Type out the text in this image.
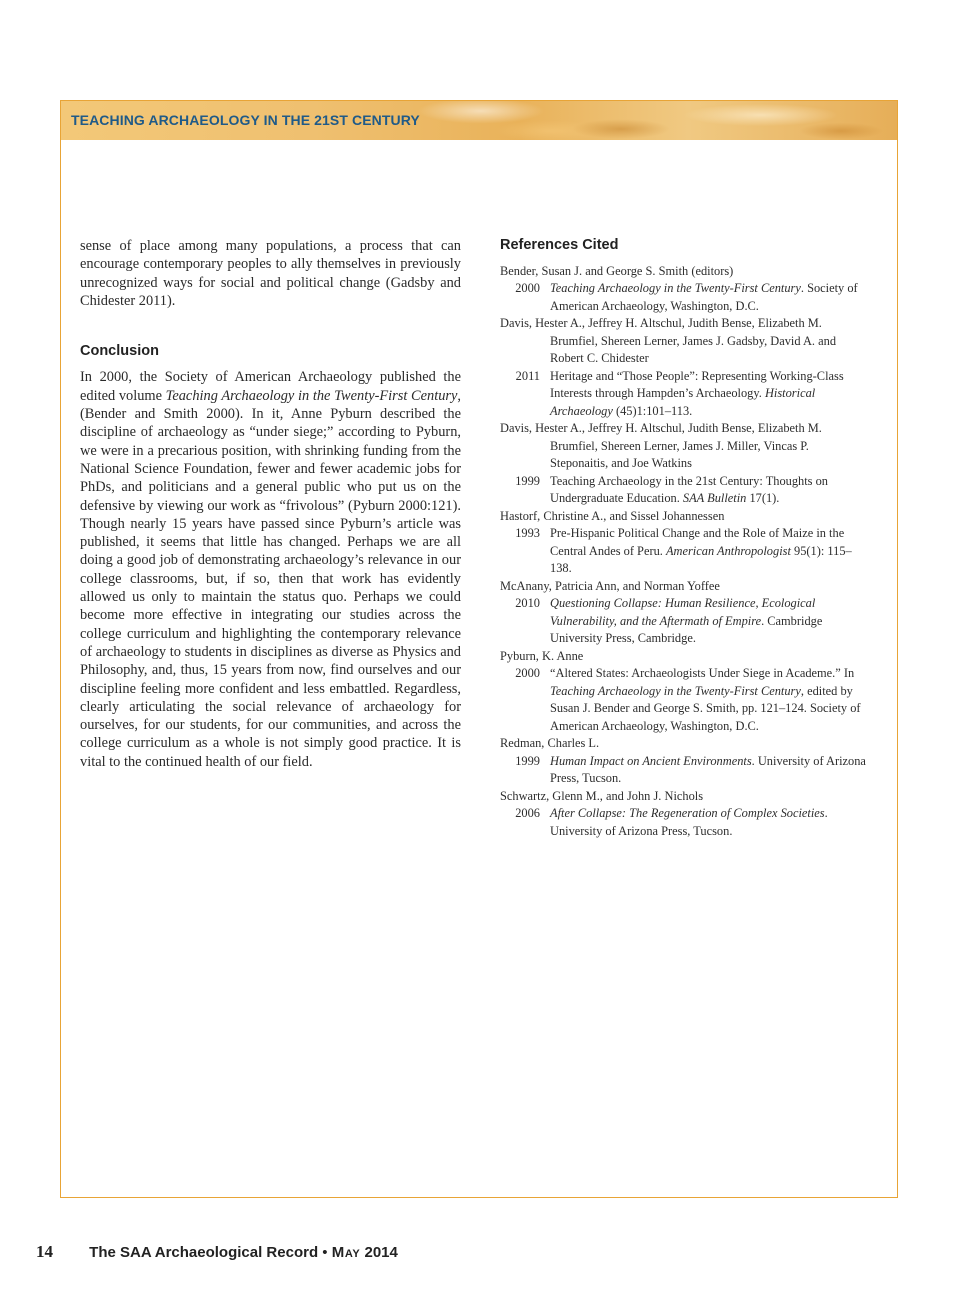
TEACHING ARCHAEOLOGY IN THE 21ST CENTURY

sense of place among many populations, a process that can encourage contemporary peoples to ally themselves in previously unrecognized ways for social and political change (Gadsby and Chidester 2011).

Conclusion

In 2000, the Society of American Archaeology published the edited volume Teaching Archaeology in the Twenty-First Century, (Bender and Smith 2000). In it, Anne Pyburn described the discipline of archaeology as “under siege;” according to Pyburn, we were in a precarious position, with shrinking funding from the National Science Foundation, fewer and fewer academic jobs for PhDs, and politicians and a general public who put us on the defensive by viewing our work as “frivolous” (Pyburn 2000:121). Though nearly 15 years have passed since Pyburn’s article was published, it seems that little has changed. Perhaps we are all doing a good job of demonstrating archaeology’s relevance in our college classrooms, but, if so, then that work has evidently allowed us only to maintain the status quo. Perhaps we could become more effective in integrating our studies across the college curriculum and highlighting the contemporary relevance of archaeology to students in disciplines as diverse as Physics and Philosophy, and, thus, 15 years from now, find ourselves and our discipline feeling more confident and less embattled. Regardless, clearly articulating the social relevance of archaeology for ourselves, for our students, for our communities, and across the college curriculum as a whole is not simply good practice. It is vital to the continued health of our field.

References Cited
Bender, Susan J. and George S. Smith (editors)
2000 Teaching Archaeology in the Twenty-First Century. Society of American Archaeology, Washington, D.C.
Davis, Hester A., Jeffrey H. Altschul, Judith Bense, Elizabeth M. Brumfiel, Shereen Lerner, James J. Gadsby, David A. and Robert C. Chidester
2011 Heritage and “Those People”: Representing Working-Class Interests through Hampden’s Archaeology. Historical Archaeology (45)1:101–113.
Davis, Hester A., Jeffrey H. Altschul, Judith Bense, Elizabeth M. Brumfiel, Shereen Lerner, James J. Miller, Vincas P. Steponaitis, and Joe Watkins
1999 Teaching Archaeology in the 21st Century: Thoughts on Undergraduate Education. SAA Bulletin 17(1).
Hastorf, Christine A., and Sissel Johannessen
1993 Pre-Hispanic Political Change and the Role of Maize in the Central Andes of Peru. American Anthropologist 95(1): 115–138.
McAnany, Patricia Ann, and Norman Yoffee
2010 Questioning Collapse: Human Resilience, Ecological Vulnerability, and the Aftermath of Empire. Cambridge University Press, Cambridge.
Pyburn, K. Anne
2000 “Altered States: Archaeologists Under Siege in Academe.” In Teaching Archaeology in the Twenty-First Century, edited by Susan J. Bender and George S. Smith, pp. 121–124. Society of American Archaeology, Washington, D.C.
Redman, Charles L.
1999 Human Impact on Ancient Environments. University of Arizona Press, Tucson.
Schwartz, Glenn M., and John J. Nichols
2006 After Collapse: The Regeneration of Complex Societies. University of Arizona Press, Tucson.
14 The SAA Archaeological Record • May 2014
